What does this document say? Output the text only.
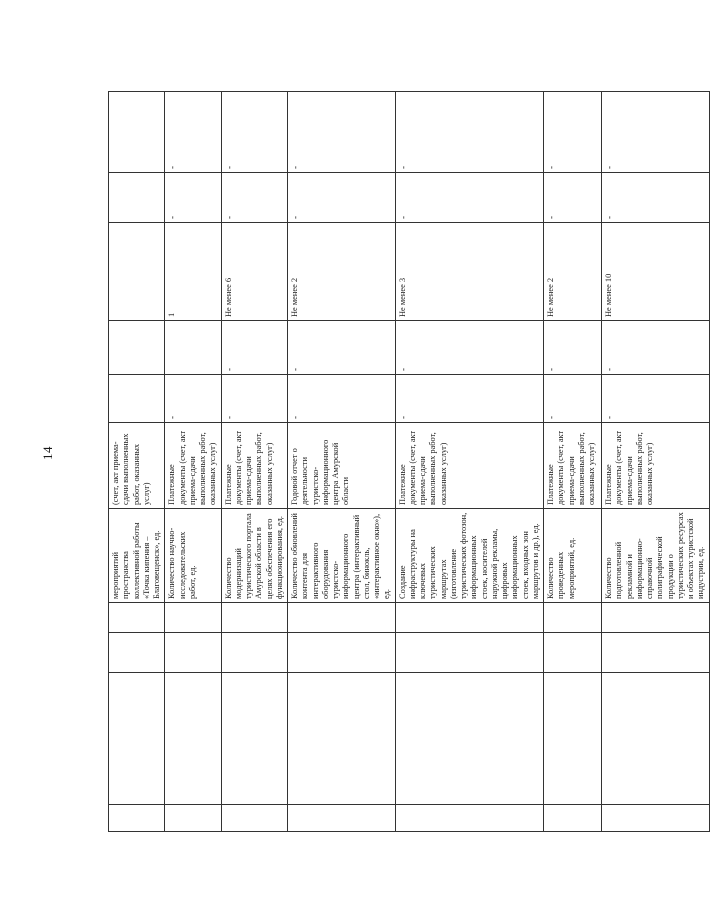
14
				мероприятий пространства коллективной работы «Точка кипения – Благовещенск», ед.	(счет, акт приема-сдачи выполненных работ, оказанных услуг)					
				Количество научно-исследовательских работ, ед.	Платежные документы (счет, акт приема-сдачи выполненных работ, оказанных услуг)	-		1	-	-
				Количество модернизаций туристического портала Амурской области в целях обеспечения его функционирования, ед.	Платежные документы (счет, акт приема-сдачи выполненных работ, оказанных услуг)	-	-	Не менее 6	-	-
				Количество обновлений контента для интерактивного оборудования туристско-информационного центра (интерактивный стол, бинокль, «интерактивное окно»), ед.	Годовой отчет о деятельности туристско-информационного центра Амурской области	-	-	Не менее 2	-	-
				Создание инфраструктуры на ключевых туристических маршрутах (изготовление туристических фотозон, информационных стоек, носителей наружной рекламы, цифровых информационных стоек, входных зон маршрутов и др.), ед.	Платежные документы (счет, акт приема-сдачи выполненных работ, оказанных услуг)	-	-	Не менее 3	-	-
				Количество проведенных мероприятий, ед.	Платежные документы (счет, акт приема-сдачи выполненных работ, оказанных услуг)	-	-	Не менее 2	-	-
				Количество подготовленной рекламной и информационно-справочной полиграфической продукции о туристических ресурсах и объектах туристской индустрии, ед.	Платежные документы (счет, акт приема-сдачи выполненных работ, оказанных услуг)	-	-	Не менее 10	-	-
